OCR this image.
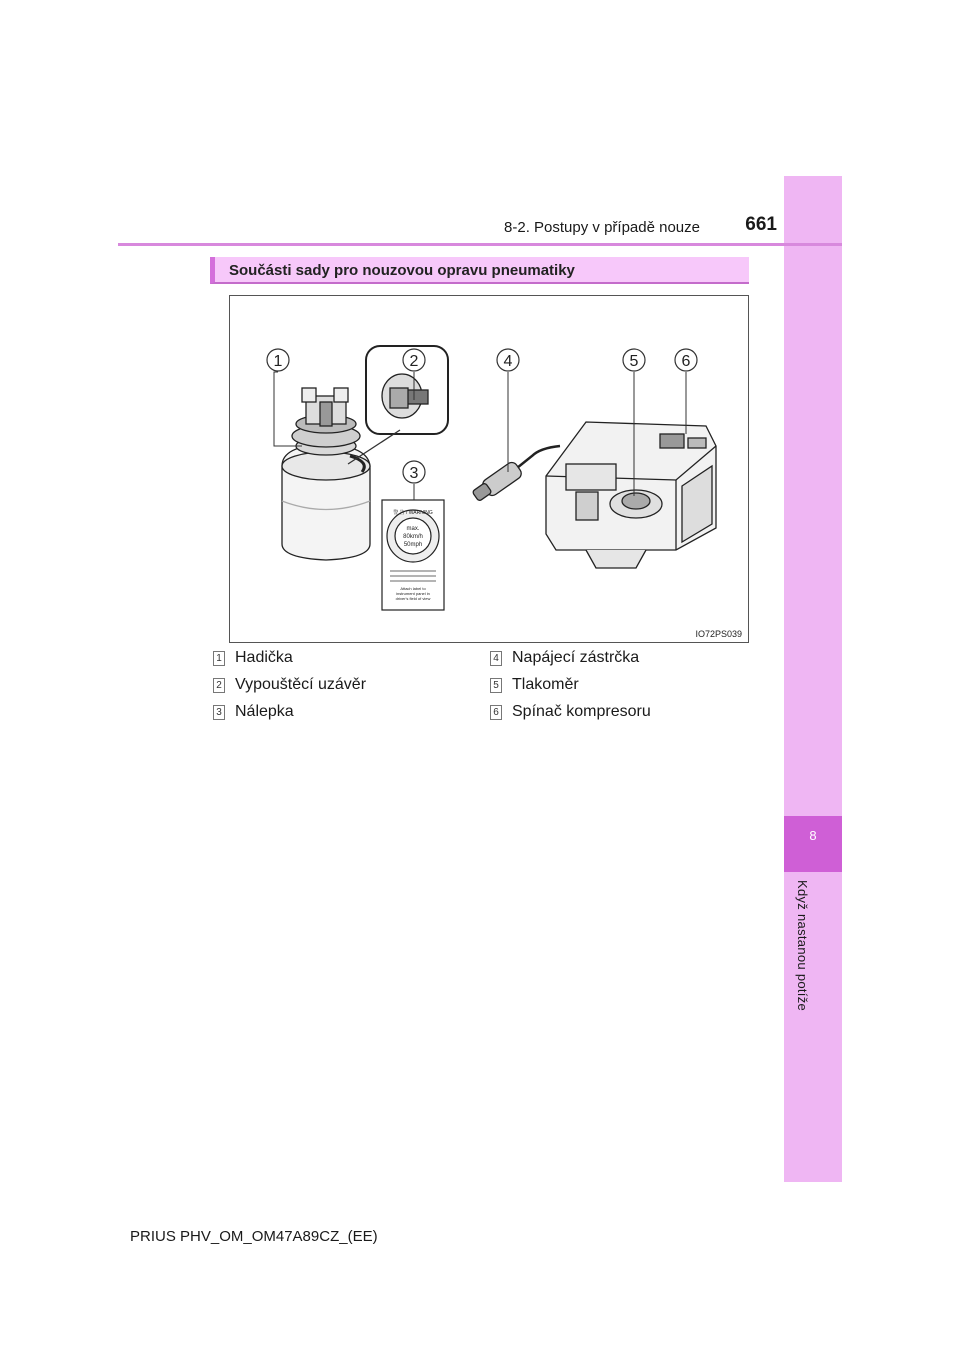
8
Když nastanou potíže
8-2. Postupy v případě nouze	661
Součásti sady pro nouzovou opravu pneumatiky
警 告 / WARNING
max.
80km/h
50mph
Attach label to
instrument panel in
driver's field of view
1	2
3
4	5	6
IO72PS039
1 Hadička
2 Vypouštěcí uzávěr
3 Nálepka
4 Napájecí zástrčka
5 Tlakoměr
6 Spínač kompresoru
PRIUS PHV_OM_OM47A89CZ_(EE)
